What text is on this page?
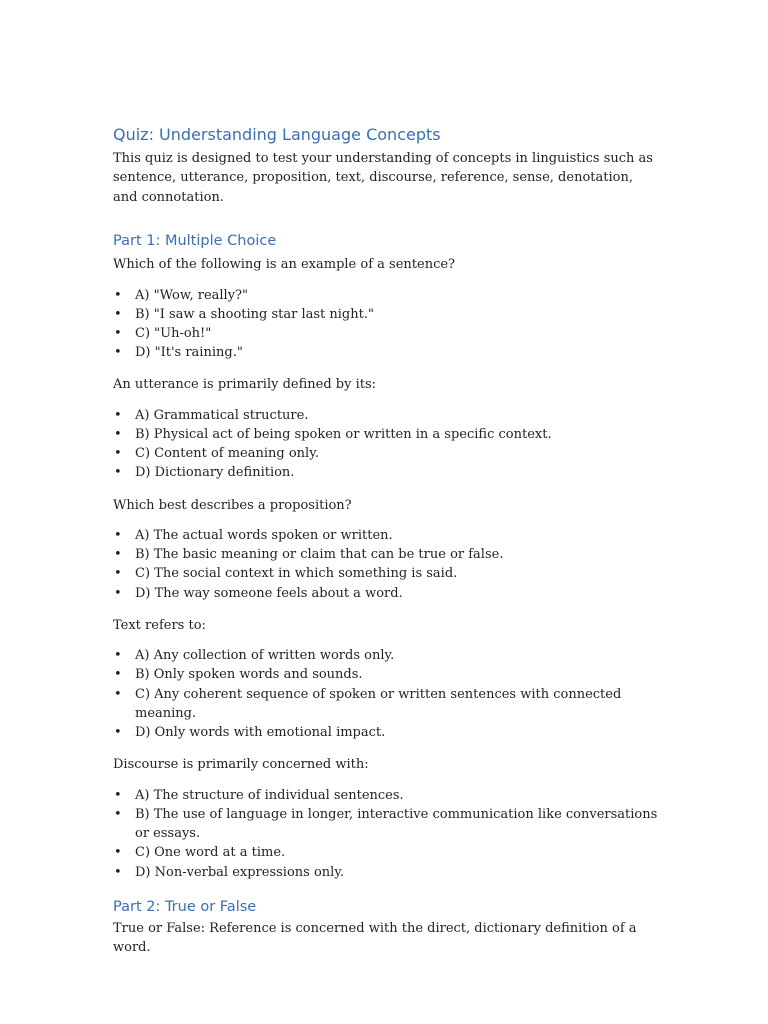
Quiz: Understanding Language Concepts

This quiz is designed to test your understanding of concepts in linguistics such as sentence, utterance, proposition, text, discourse, reference, sense, denotation, and connotation.

Part 1: Multiple Choice

Which of the following is an example of a sentence?

• A) "Wow, really?"
• B) "I saw a shooting star last night."
• C) "Uh-oh!"
• D) "It's raining."

An utterance is primarily defined by its:

• A) Grammatical structure.
• B) Physical act of being spoken or written in a specific context.
• C) Content of meaning only.
• D) Dictionary definition.

Which best describes a proposition?

• A) The actual words spoken or written.
• B) The basic meaning or claim that can be true or false.
• C) The social context in which something is said.
• D) The way someone feels about a word.

Text refers to:

• A) Any collection of written words only.
• B) Only spoken words and sounds.
• C) Any coherent sequence of spoken or written sentences with connected meaning.
• D) Only words with emotional impact.

Discourse is primarily concerned with:

• A) The structure of individual sentences.
• B) The use of language in longer, interactive communication like conversations or essays.
• C) One word at a time.
• D) Non-verbal expressions only.
Part 2: True or False

True or False: Reference is concerned with the direct, dictionary definition of a word.
